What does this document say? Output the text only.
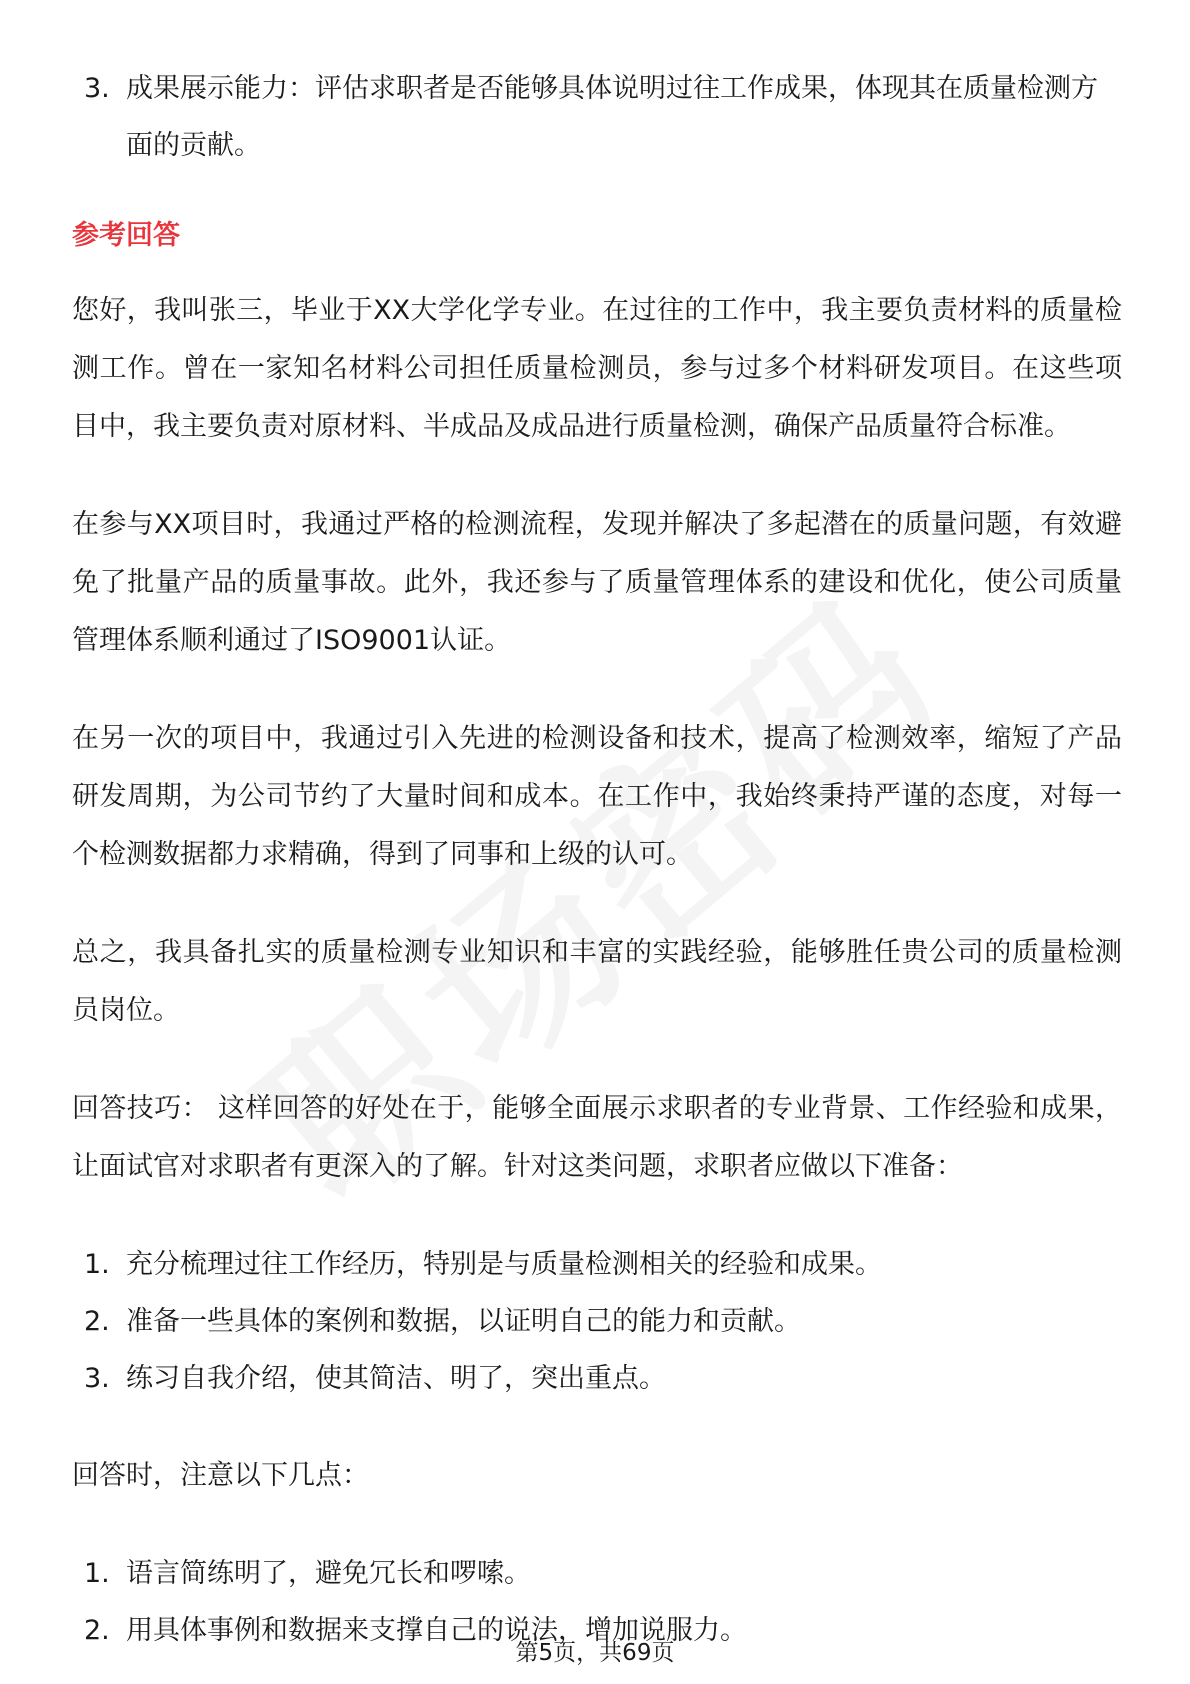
3. 成果展示能力：评估求职者是否能够具体说明过往工作成果，体现其在质量检测方面的贡献。
参考回答
您好，我叫张三，毕业于XX大学化学专业。在过往的工作中，我主要负责材料的质量检测工作。曾在一家知名材料公司担任质量检测员，参与过多个材料研发项目。在这些项目中，我主要负责对原材料、半成品及成品进行质量检测，确保产品质量符合标准。
在参与XX项目时，我通过严格的检测流程，发现并解决了多起潜在的质量问题，有效避免了批量产品的质量事故。此外，我还参与了质量管理体系的建设和优化，使公司质量管理体系顺利通过了ISO9001认证。
在另一次的项目中，我通过引入先进的检测设备和技术，提高了检测效率，缩短了产品研发周期，为公司节约了大量时间和成本。在工作中，我始终秉持严谨的态度，对每一个检测数据都力求精确，得到了同事和上级的认可。
总之，我具备扎实的质量检测专业知识和丰富的实践经验，能够胜任贵公司的质量检测员岗位。
回答技巧： 这样回答的好处在于，能够全面展示求职者的专业背景、工作经验和成果，让面试官对求职者有更深入的了解。针对这类问题，求职者应做以下准备：
1. 充分梳理过往工作经历，特别是与质量检测相关的经验和成果。
2. 准备一些具体的案例和数据，以证明自己的能力和贡献。
3. 练习自我介绍，使其简洁、明了，突出重点。
回答时，注意以下几点：
1. 语言简练明了，避免冗长和啰嗦。
2. 用具体事例和数据来支撑自己的说法，增加说服力。
第5页，共69页
